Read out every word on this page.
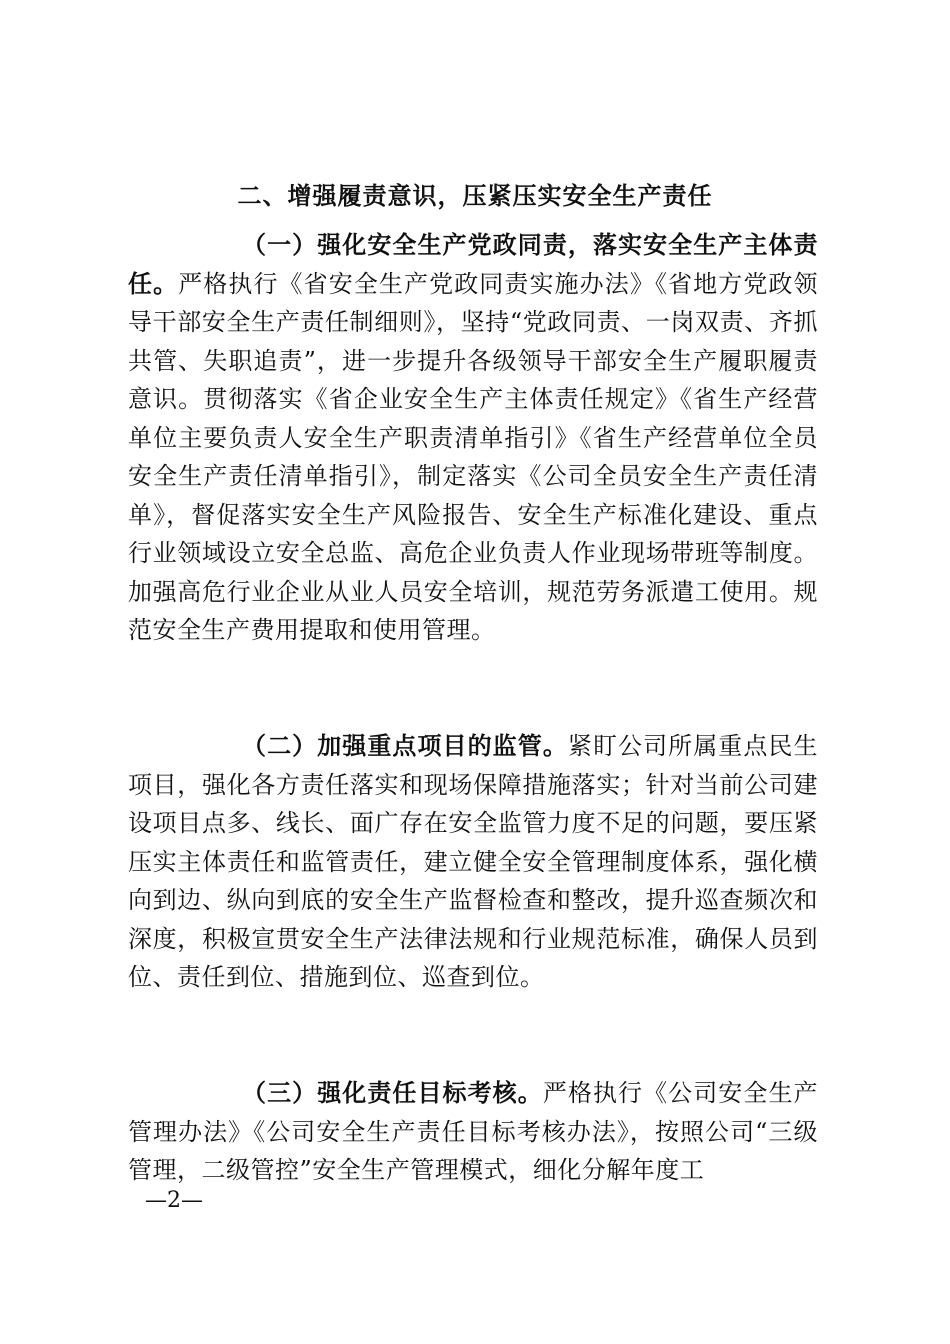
二、增强履责意识，压紧压实安全生产责任

（一）强化安全生产党政同责，落实安全生产主体责任。严格执行《省安全生产党政同责实施办法》《省地方党政领导干部安全生产责任制细则》，坚持“党政同责、一岗双责、齐抓共管、失职追责”，进一步提升各级领导干部安全生产履职履责意识。贯彻落实《省企业安全生产主体责任规定》《省生产经营单位主要负责人安全生产职责清单指引》《省生产经营单位全员安全生产责任清单指引》，制定落实《公司全员安全生产责任清单》，督促落实安全生产风险报告、安全生产标准化建设、重点行业领域设立安全总监、高危企业负责人作业现场带班等制度。加强高危行业企业从业人员安全培训，规范劳务派遣工使用。规范安全生产费用提取和使用管理。

（二）加强重点项目的监管。紧盯公司所属重点民生项目，强化各方责任落实和现场保障措施落实；针对当前公司建设项目点多、线长、面广存在安全监管力度不足的问题，要压紧压实主体责任和监管责任，建立健全安全管理制度体系，强化横向到边、纵向到底的安全生产监督检查和整改，提升巡查频次和深度，积极宣贯安全生产法律法规和行业规范标准，确保人员到位、责任到位、措施到位、巡查到位。

（三）强化责任目标考核。严格执行《公司安全生产管理办法》《公司安全生产责任目标考核办法》，按照公司“三级管理，二级管控”安全生产管理模式，细化分解年度工

—2—
